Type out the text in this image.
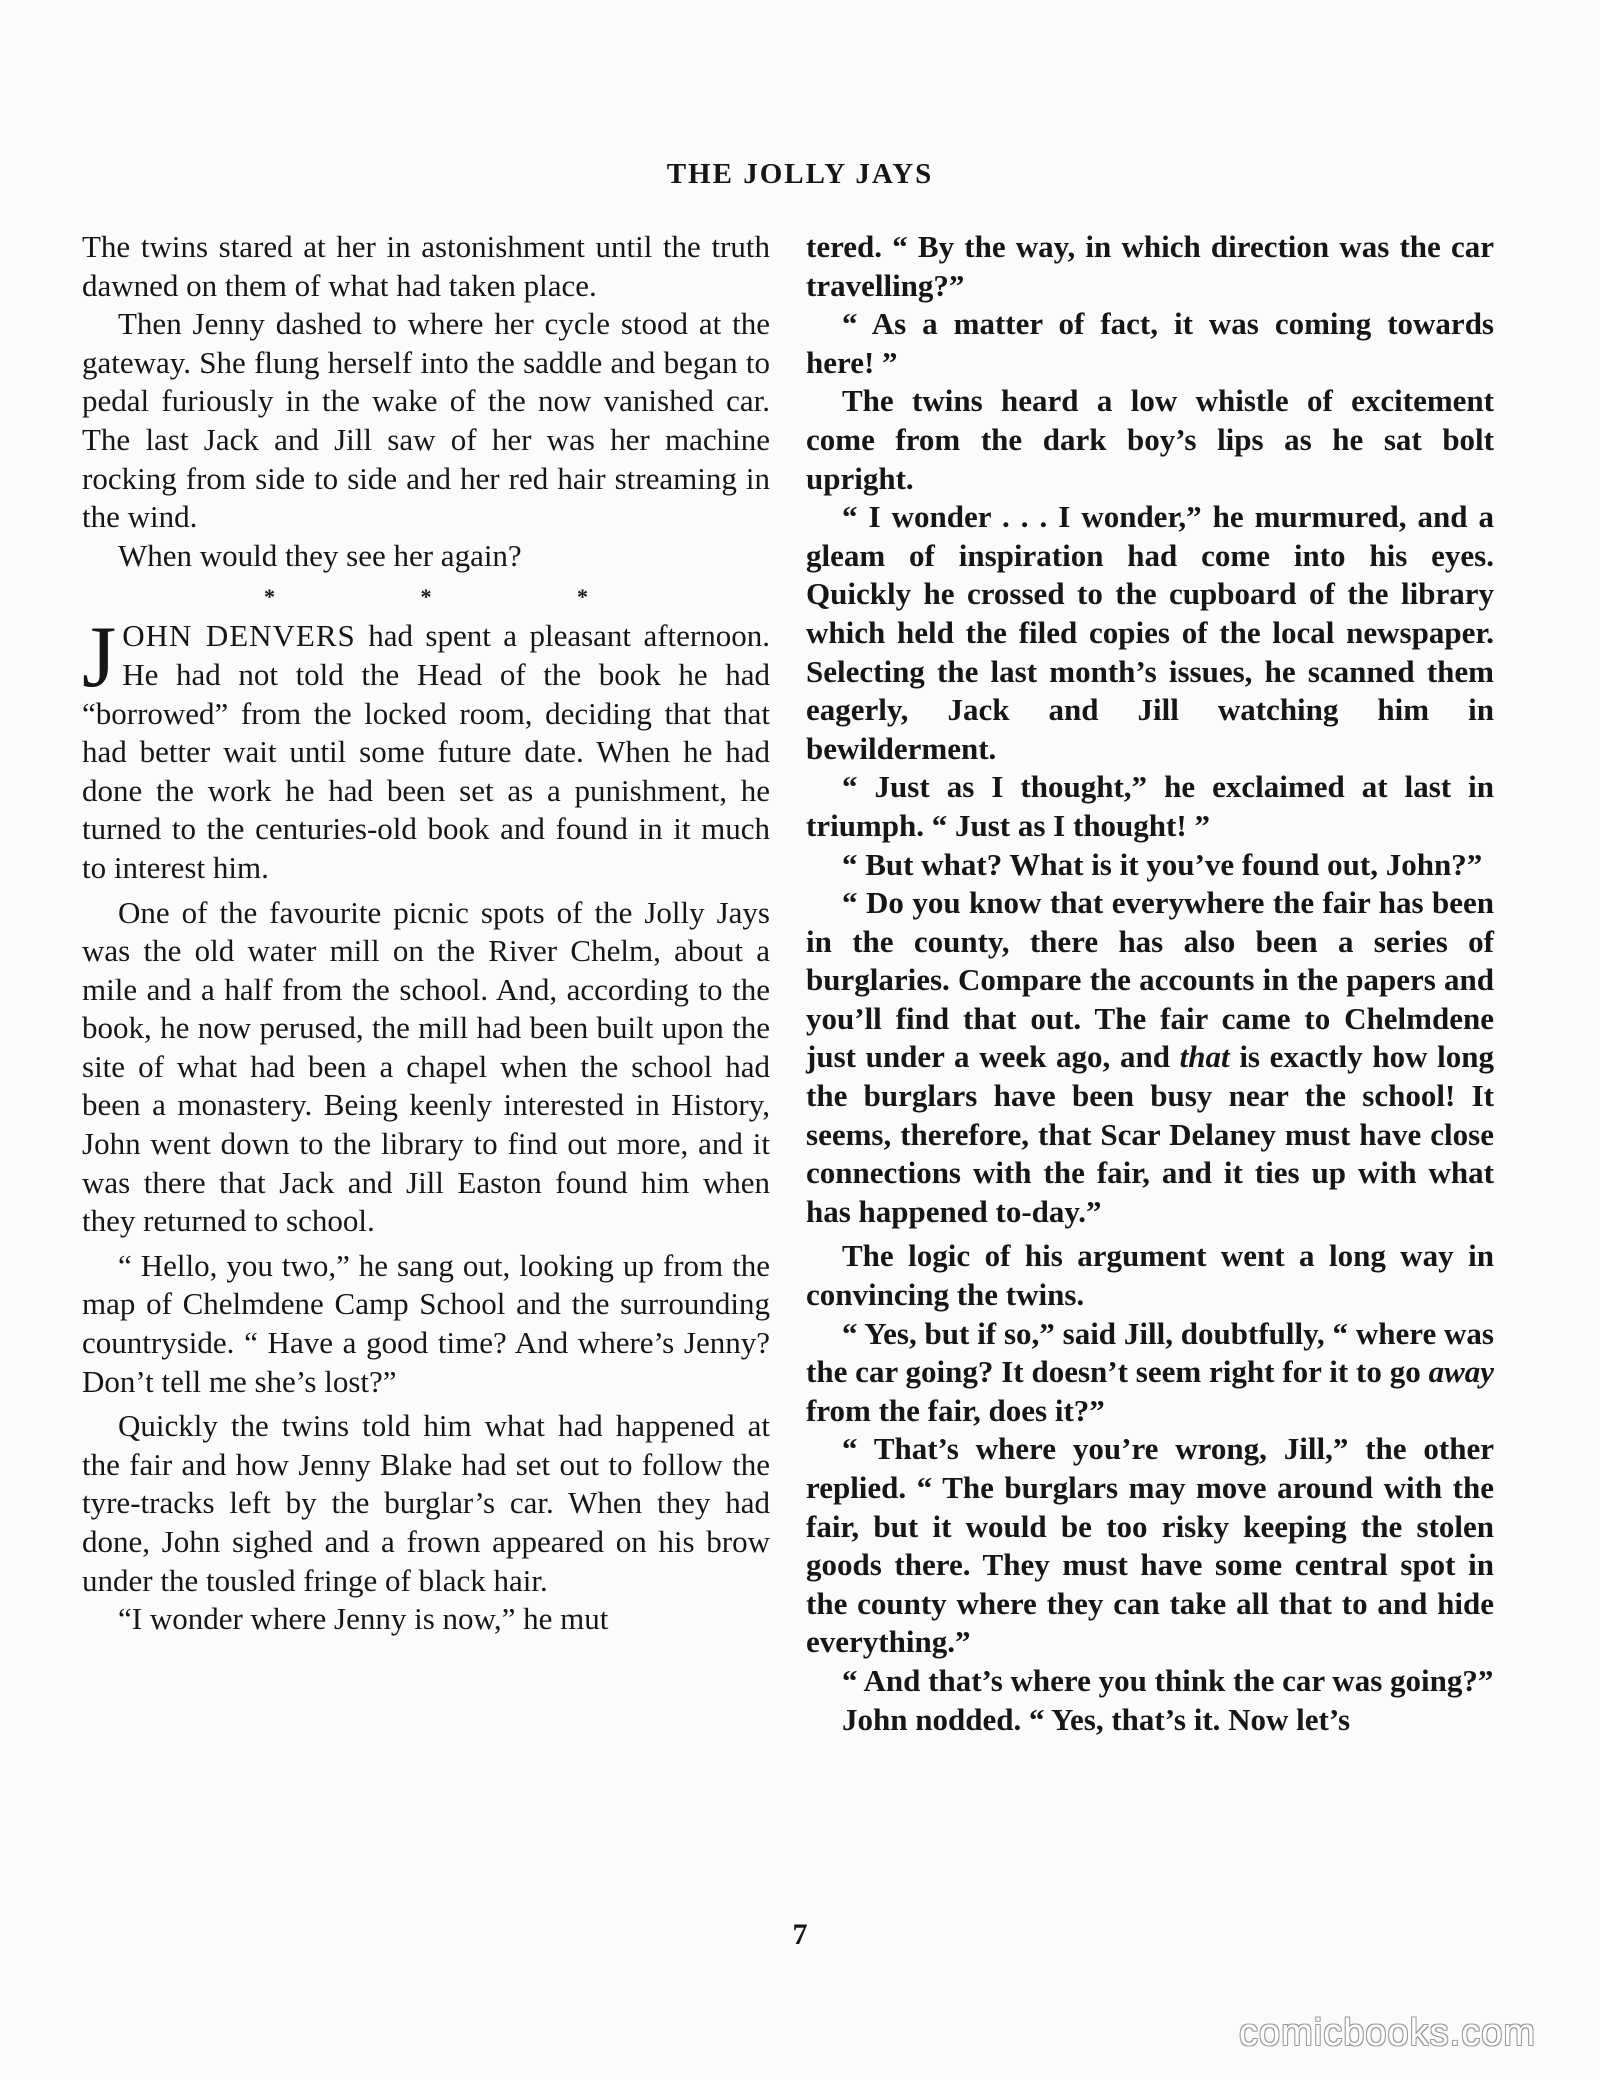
THE JOLLY JAYS

The twins stared at her in astonishment until the truth dawned on them of what had taken place.

Then Jenny dashed to where her cycle stood at the gateway. She flung herself into the saddle and began to pedal furiously in the wake of the now vanished car. The last Jack and Jill saw of her was her machine rocking from side to side and her red hair streaming in the wind.

When would they see her again?

*	*	*

JOHN DENVERS had spent a pleasant afternoon. He had not told the Head of the book he had “borrowed” from the locked room, deciding that that had better wait until some future date. When he had done the work he had been set as a punishment, he turned to the centuries-old book and found in it much to interest him.

One of the favourite picnic spots of the Jolly Jays was the old water mill on the River Chelm, about a mile and a half from the school. And, according to the book, he now perused, the mill had been built upon the site of what had been a chapel when the school had been a monastery. Being keenly interested in History, John went down to the library to find out more, and it was there that Jack and Jill Easton found him when they returned to school.

“ Hello, you two,” he sang out, looking up from the map of Chelmdene Camp School and the surrounding countryside. “ Have a good time? And where’s Jenny? Don’t tell me she’s lost?”

Quickly the twins told him what had happened at the fair and how Jenny Blake had set out to follow the tyre-tracks left by the burglar’s car. When they had done, John sighed and a frown appeared on his brow under the tousled fringe of black hair.

“I wonder where Jenny is now,” he mut

tered. “ By the way, in which direction was the car travelling?”

“ As a matter of fact, it was coming towards here! ”

The twins heard a low whistle of excitement come from the dark boy’s lips as he sat bolt upright.

“ I wonder . . . I wonder,” he murmured, and a gleam of inspiration had come into his eyes. Quickly he crossed to the cupboard of the library which held the filed copies of the local newspaper. Selecting the last month’s issues, he scanned them eagerly, Jack and Jill watching him in bewilderment.

“ Just as I thought,” he exclaimed at last in triumph. “ Just as I thought! ”

“ But what? What is it you’ve found out, John?”

“ Do you know that everywhere the fair has been in the county, there has also been a series of burglaries. Compare the accounts in the papers and you’ll find that out. The fair came to Chelmdene just under a week ago, and that is exactly how long the burglars have been busy near the school! It seems, therefore, that Scar Delaney must have close connections with the fair, and it ties up with what has happened to-day.”

The logic of his argument went a long way in convincing the twins.

“ Yes, but if so,” said Jill, doubtfully, “ where was the car going? It doesn’t seem right for it to go away from the fair, does it?”

“ That’s where you’re wrong, Jill,” the other replied. “ The burglars may move around with the fair, but it would be too risky keeping the stolen goods there. They must have some central spot in the county where they can take all that to and hide everything.”

“ And that’s where you think the car was going?”

John nodded. “ Yes, that’s it. Now let’s

7
comicbooks.com
